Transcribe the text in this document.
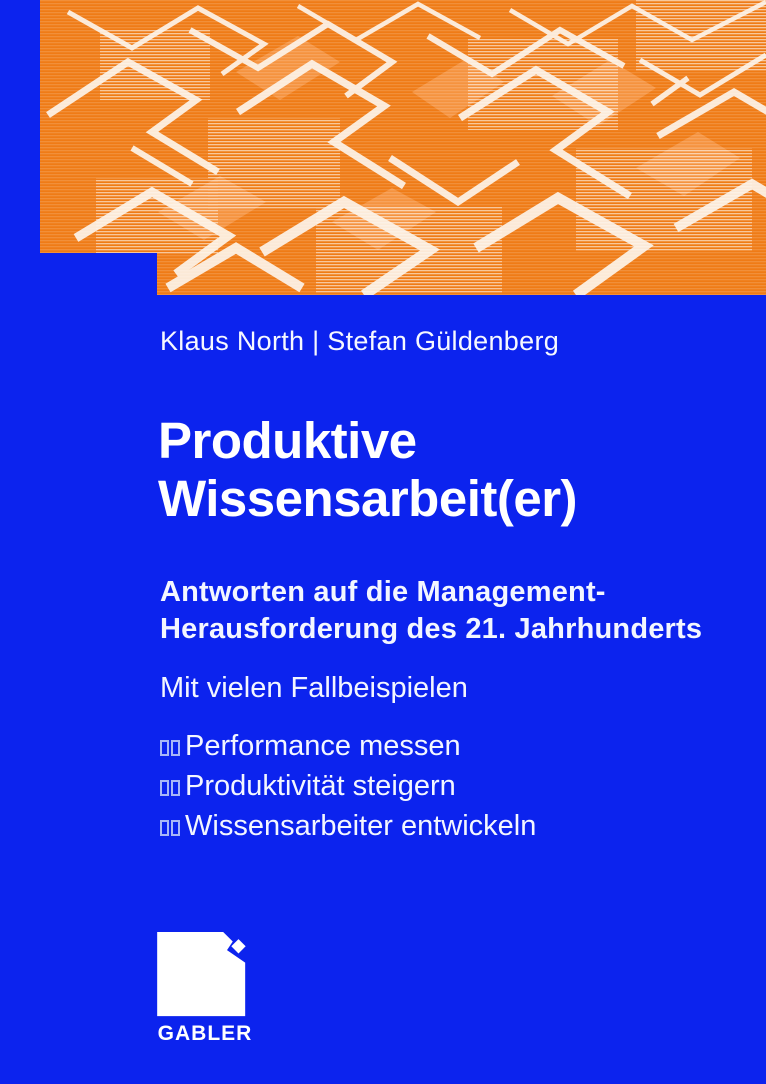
Klaus North | Stefan Güldenberg
Produktive
Wissensarbeit(er)
Antworten auf die Management-
Herausforderung des 21. Jahrhunderts
Mit vielen Fallbeispielen
Performance messen
Produktivität steigern
Wissensarbeiter entwickeln
GABLER
